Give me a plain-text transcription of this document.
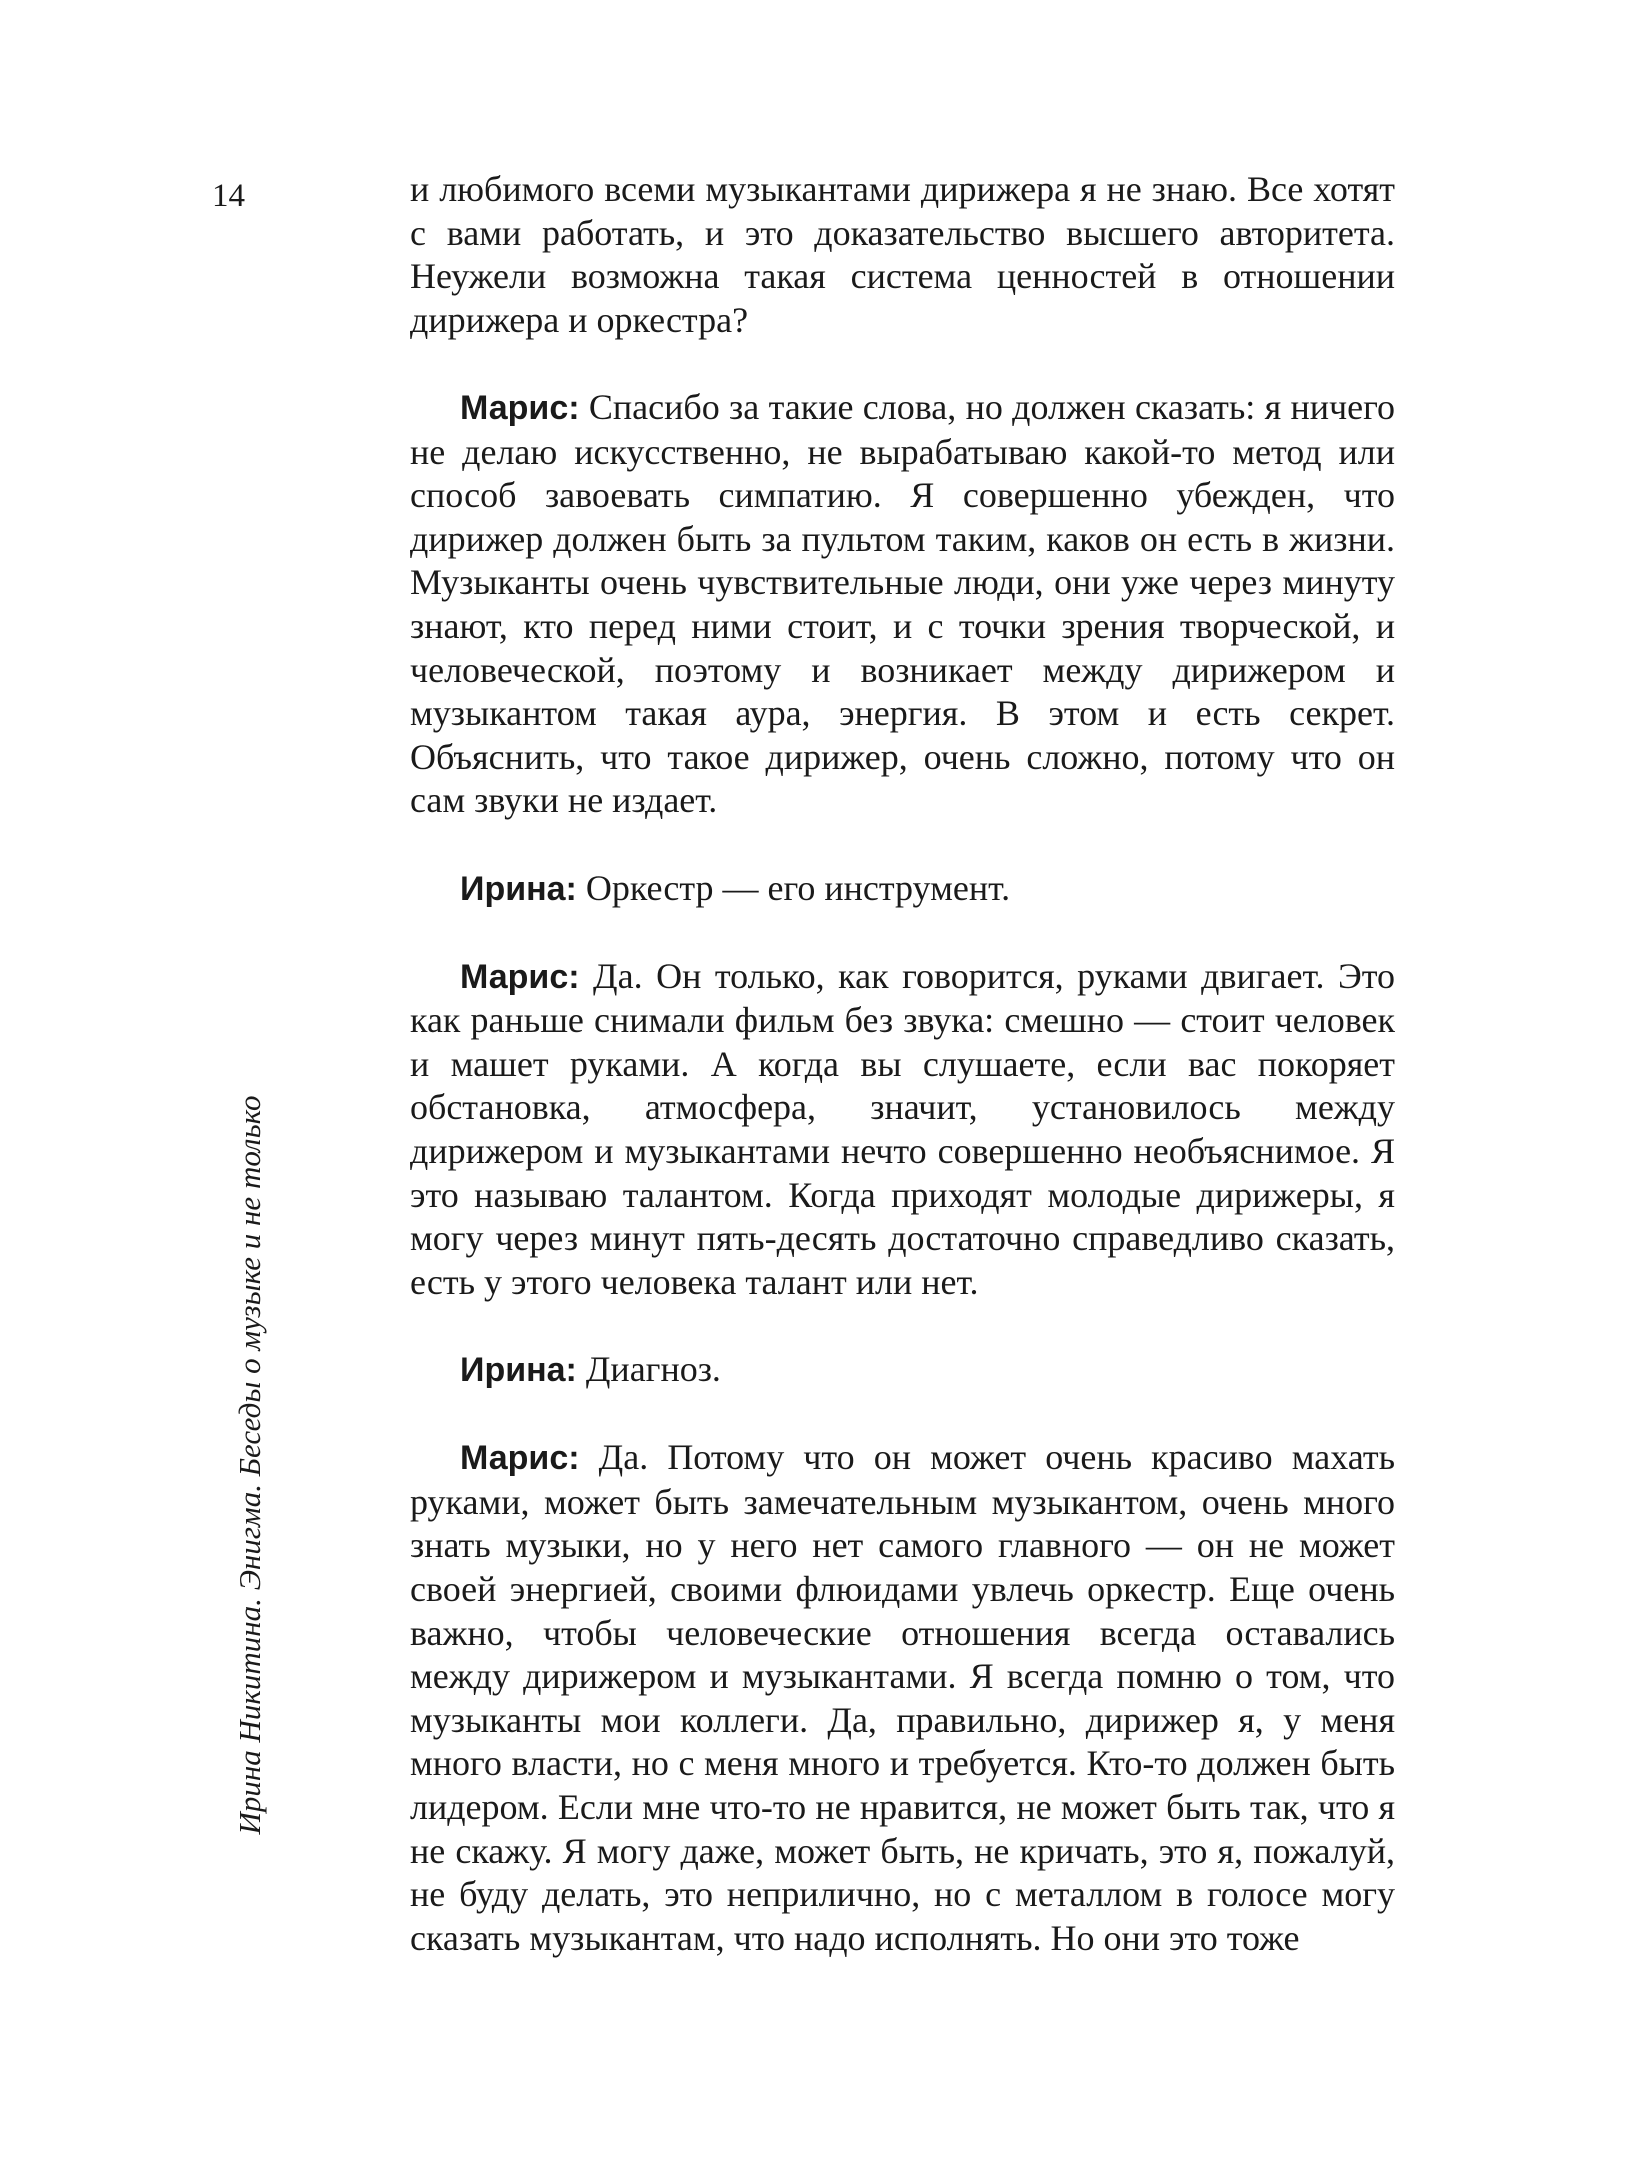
14
Ирина Никитина. Энигма. Беседы о музыке и не только

и любимого всеми музыкантами дирижера я не знаю. Все хотят с вами работать, и это доказательство высшего авторитета. Неужели возможна такая система ценностей в отношении дирижера и оркестра?

Марис: Спасибо за такие слова, но должен сказать: я ничего не делаю искусственно, не вырабатываю какой-то метод или способ завоевать симпатию. Я совершенно убежден, что дирижер должен быть за пультом таким, каков он есть в жизни. Музыканты очень чувствительные люди, они уже через минуту знают, кто перед ними стоит, и с точки зрения творческой, и человеческой, поэтому и возникает между дирижером и музыкантом такая аура, энергия. В этом и есть секрет. Объяснить, что такое дирижер, очень сложно, потому что он сам звуки не издает.

Ирина: Оркестр — его инструмент.

Марис: Да. Он только, как говорится, руками двигает. Это как раньше снимали фильм без звука: смешно — стоит человек и машет руками. А когда вы слушаете, если вас покоряет обстановка, атмосфера, значит, установилось между дирижером и музыкантами нечто совершенно необъяснимое. Я это называю талантом. Когда приходят молодые дирижеры, я могу через минут пять-десять достаточно справедливо сказать, есть у этого человека талант или нет.

Ирина: Диагноз.

Марис: Да. Потому что он может очень красиво махать руками, может быть замечательным музыкантом, очень много знать музыки, но у него нет самого главного — он не может своей энергией, своими флюидами увлечь оркестр. Еще очень важно, чтобы человеческие отношения всегда оставались между дирижером и музыкантами. Я всегда помню о том, что музыканты мои коллеги. Да, правильно, дирижер я, у меня много власти, но с меня много и требуется. Кто-то должен быть лидером. Если мне что-то не нравится, не может быть так, что я не скажу. Я могу даже, может быть, не кричать, это я, пожалуй, не буду делать, это неприлично, но с металлом в голосе могу сказать музыкантам, что надо исполнять. Но они это тоже
